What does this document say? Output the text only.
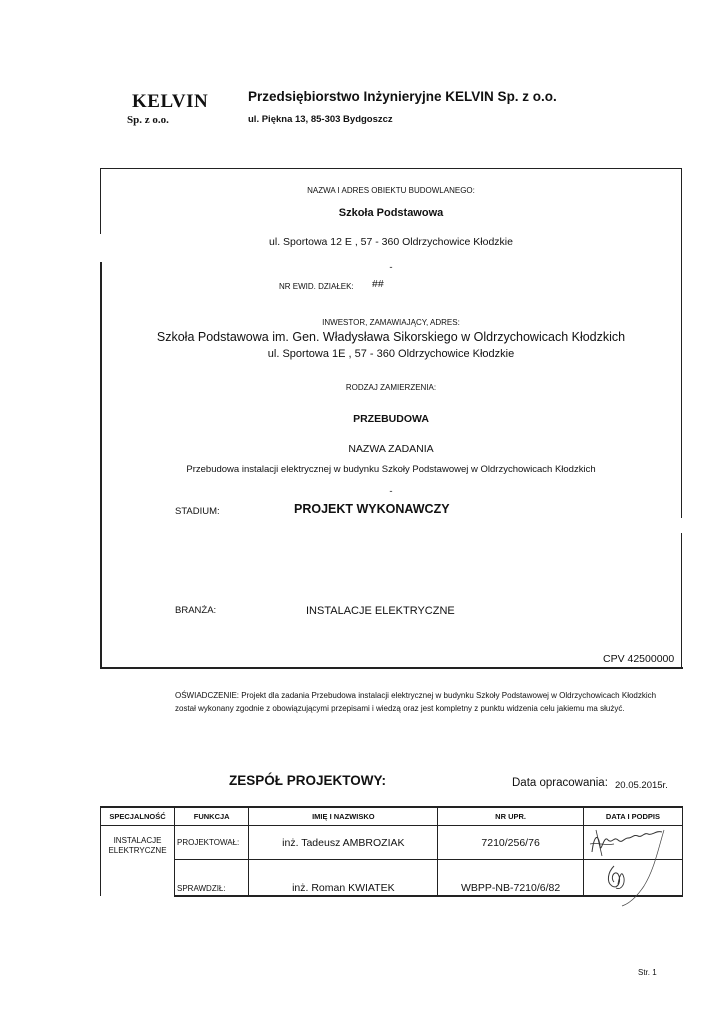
KELVIN
Sp. z o.o.
Przedsiębiorstwo Inżynieryjne KELVIN Sp. z o.o.
ul. Piękna 13, 85-303 Bydgoszcz
NAZWA I ADRES OBIEKTU BUDOWLANEGO:
Szkoła Podstawowa
ul. Sportowa 12 E , 57 - 360 Oldrzychowice Kłodzkie
-
NR EWID. DZIAŁEK: ##
INWESTOR, ZAMAWIAJĄCY, ADRES:
Szkoła Podstawowa im. Gen. Władysława Sikorskiego w Oldrzychowicach Kłodzkich
ul. Sportowa 1E , 57 - 360 Oldrzychowice Kłodzkie
RODZAJ ZAMIERZENIA:
PRZEBUDOWA
NAZWA ZADANIA
Przebudowa instalacji elektrycznej w budynku Szkoły Podstawowej w Oldrzychowicach Kłodzkich
-
STADIUM:	PROJEKT WYKONAWCZY
BRANŻA:	INSTALACJE ELEKTRYCZNE
CPV 42500000
OŚWIADCZENIE: Projekt dla zadania Przebudowa instalacji elektrycznej w budynku Szkoły Podstawowej w Oldrzychowicach Kłodzkich został wykonany zgodnie z obowiązującymi przepisami i wiedzą oraz jest kompletny z punktu widzenia celu jakiemu ma służyć.
ZESPÓŁ PROJEKTOWY:	Data opracowania: 20.05.2015r.
SPECJALNOŚĆ	FUNKCJA	IMIĘ I NAZWISKO	NR UPR.	DATA I PODPIS
INSTALACJE ELEKTRYCZNE	PROJEKTOWAŁ:	inż. Tadeusz AMBROZIAK	7210/256/76	

	SPRAWDZIŁ:	inż. Roman KWIATEK	WBPP-NB-7210/6/82	
Str. 1
